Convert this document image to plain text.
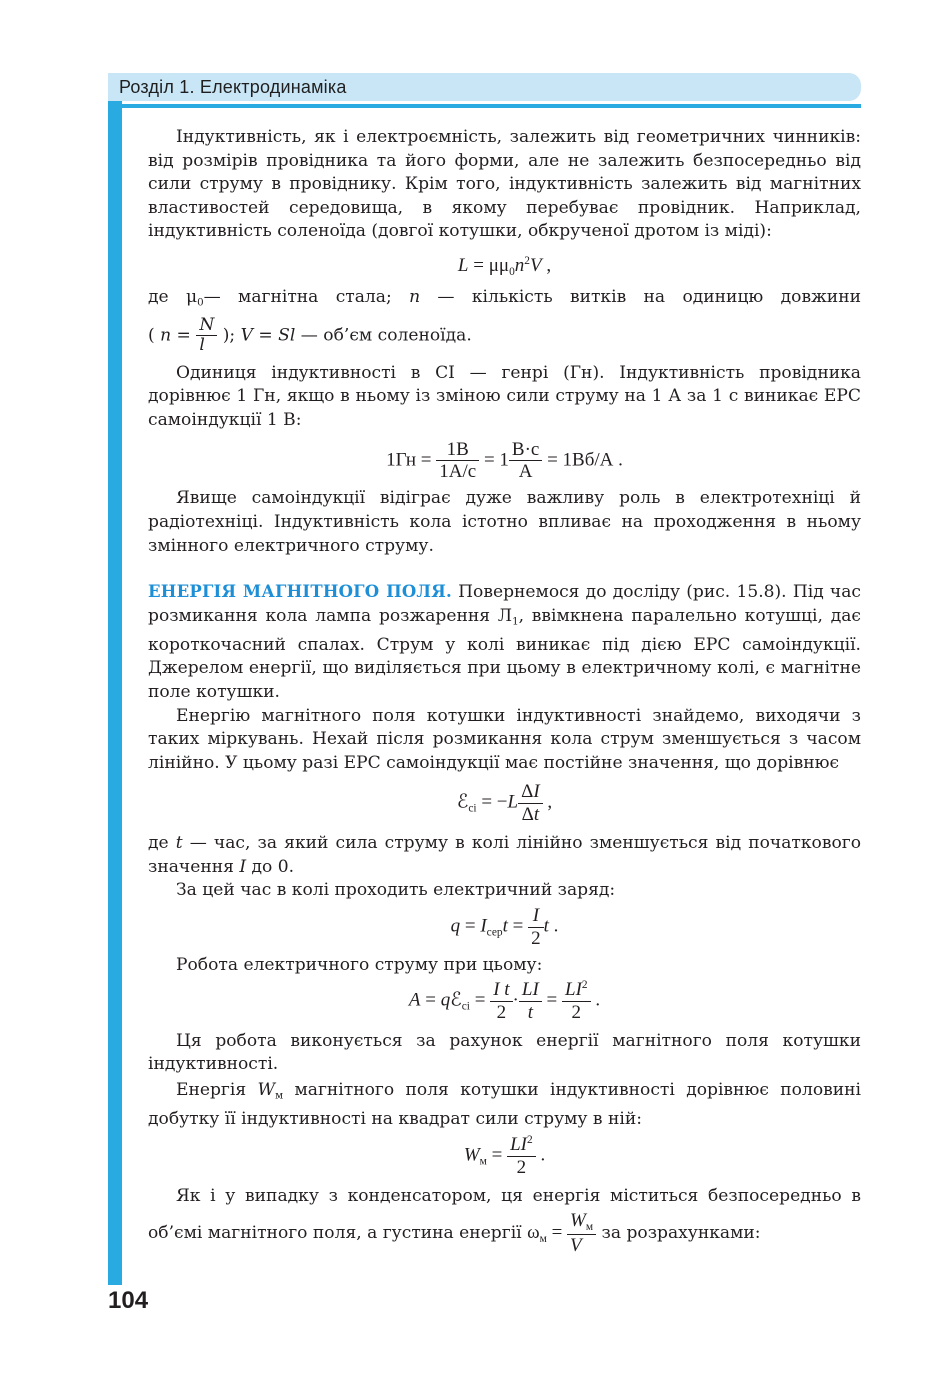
Розділ 1. Електродинаміка

Індуктивність, як і електроємність, залежить від геометричних чинників: від розмірів провідника та його форми, але не залежить безпосередньо від сили струму в провіднику. Крім того, індуктивність залежить від магнітних властивостей середовища, в якому перебуває провідник. Наприклад, індуктивність соленоїда (довгої котушки, обкрученої дротом із міді):

$L = \mu\mu_0n^2V$ ,

де $\mu_0—$ магнітна стала; n — кількість витків на одиницю довжини

( $n = \frac{N}{l}$ ); V = Sl — об’єм соленоїда.

Одиниця індуктивності в СІ — генрі (Гн). Індуктивність провідника дорівнює 1 Гн, якщо в ньому із зміною сили струму на 1 А за 1 с виникає ЕРС самоіндукції 1 В:

$1Гн = \frac{1В}{1А/с} = 1 \frac{В\cdot с}{А} = 1Вб/А$ .

Явище самоіндукції відіграє дуже важливу роль в електротехніці й радіотехніці. Індуктивність кола істотно впливає на проходження в ньому змінного електричного струму.

ЕНЕРГІЯ МАГНІТНОГО ПОЛЯ. Повернемося до досліду (рис. 15.8). Під час розмикання кола лампа розжарення $Л_1$, ввімкнена паралельно котушці, дає короткочасний спалах. Струм у колі виникає під дією ЕРС самоіндукції. Джерелом енергії, що виділяється при цьому в електричному колі, є магнітне поле котушки.

Енергію магнітного поля котушки індуктивності знайдемо, виходячи з таких міркувань. Нехай після розмикання кола струм зменшується з часом лінійно. У цьому разі ЕРС самоіндукції має постійне значення, що дорівнює

ℰ$_{сі}$ = $-L \frac{\Delta I}{\Delta t}$ ,

де t — час, за який сила струму в колі лінійно зменшується від початкового значення I до 0.

За цей час в колі проходить електричний заряд:

$q = I_{сер}t = \frac{I}{2}$ t .

Робота електричного струму при цьому:

A = qℰ$_{сі}$ = $\frac{\text{I t}}{2} \cdot \frac{LI}{t} = \frac{LI^2}{2}$ .

Ця робота виконується за рахунок енергії магнітного поля котушки індуктивності.

Енергія $W_м$ магнітного поля котушки індуктивності дорівнює половині добутку її індуктивності на квадрат сили струму в ній:

$W_м = \frac{LI^2}{2}$ .

Як і у випадку з конденсатором, ця енергія міститься безпосередньо в

об’ємі магнітного поля, а густина енергії $\omega_м = \frac{W_м}{V}$ за розрахунками:

104
